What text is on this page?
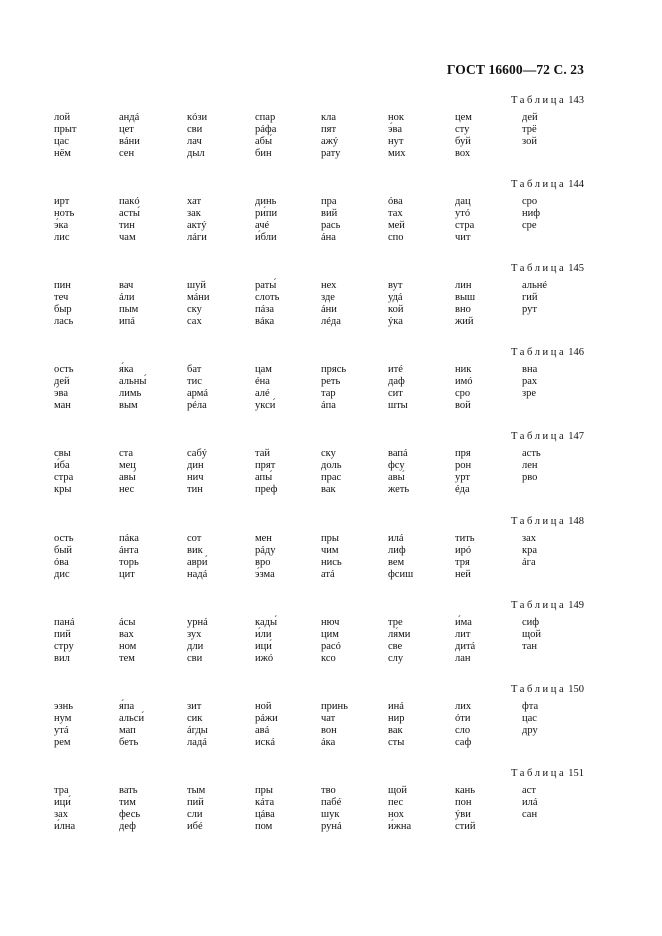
ГОСТ 16600—72 С. 23
Таблица 143
лой
прыт
цас
нём
андá
цет
вáни
сен
кóзи
сви
лач
дыл
спар
рáфа
абы́
бин
кла
пят
ажý
рату
нок
э́ва
нут
мих
цем
сту
буй
вох
дей
трё
зой
Таблица 144
ирт
нoть
э́ка
лис
пакó
асты́
тин
чам
хат
зак
актý
лáги
динь
ри́пи
ачé
и́бли
пра
вий
рась
áна
óва
тах
мей
спо
дац
утó
стра
чит
сро
ниф
сре
Таблица 145
пин
теч
быр
лась
вач
áли
пым
ипá
шуй
мáни
ску
сах
раты́
слоть
пáза
вáка
нех
зде
áни
лéда
вут
удá
кой
ýка
лин
выш
вно
жий
альнé
гий
рут
Таблица 146
ость
дей
э́ва
ман
я́ка
альны́
лимь
вым
бат
тис
армá
рéла
цам
éна
алé
укси́
прясь
реть
тар
áпа
итé
даф
сит
шты
ник
имó
сро
вой
вна
рах
зре
Таблица 147
свы
и́ба
стра
кры
ста
мец
авы́
нес
сабý
дин
нич
тин
тай
прят
апы́
преф
ску
доль
прас
вак
вапá
фсу
авы́
жеть
пря
рон
урт
éда
асть
лен
рво
Таблица 148
ость
бый
óва
дис
пáка
áнта
торь
цит
сот
вик
аври́
надá
мен
рáду
вро
э́зма
пры
чим
нись
атá
илá
лиф
вем
фсиш
тить
ирó
тря
ней
зах
кра
áга
Таблица 149
панá
пий
стру
вил
áсы
вах
ном
тем
урнá
зух
дли
сви
кады́
и́ли
ици́
ижó
нюч
цим
расó
ксо
тре
ля́ми
све
слу
и́ма
лит
дитá
лан
сиф
щой
тан
Таблица 150
эзнь
нум
утá
рем
я́па
альси́
мап
беть
зит
сик
áгды
ладá
ной
рáжи
авá
искá
принь
чат
вон
áка
инá
нир
вак
сты
лих
óти
сло
саф
фта
цас
дру
Таблица 151
тра
ици́
зах
и́лна
вать
тим
фесь
деф
тым
пий
сли
ибé
пры
кáта
цáва
пом
тво
пабé
шук
рунá
щой
пес
нох
и́жна
кань
пон
ýви
стий
аст
илá
сан
